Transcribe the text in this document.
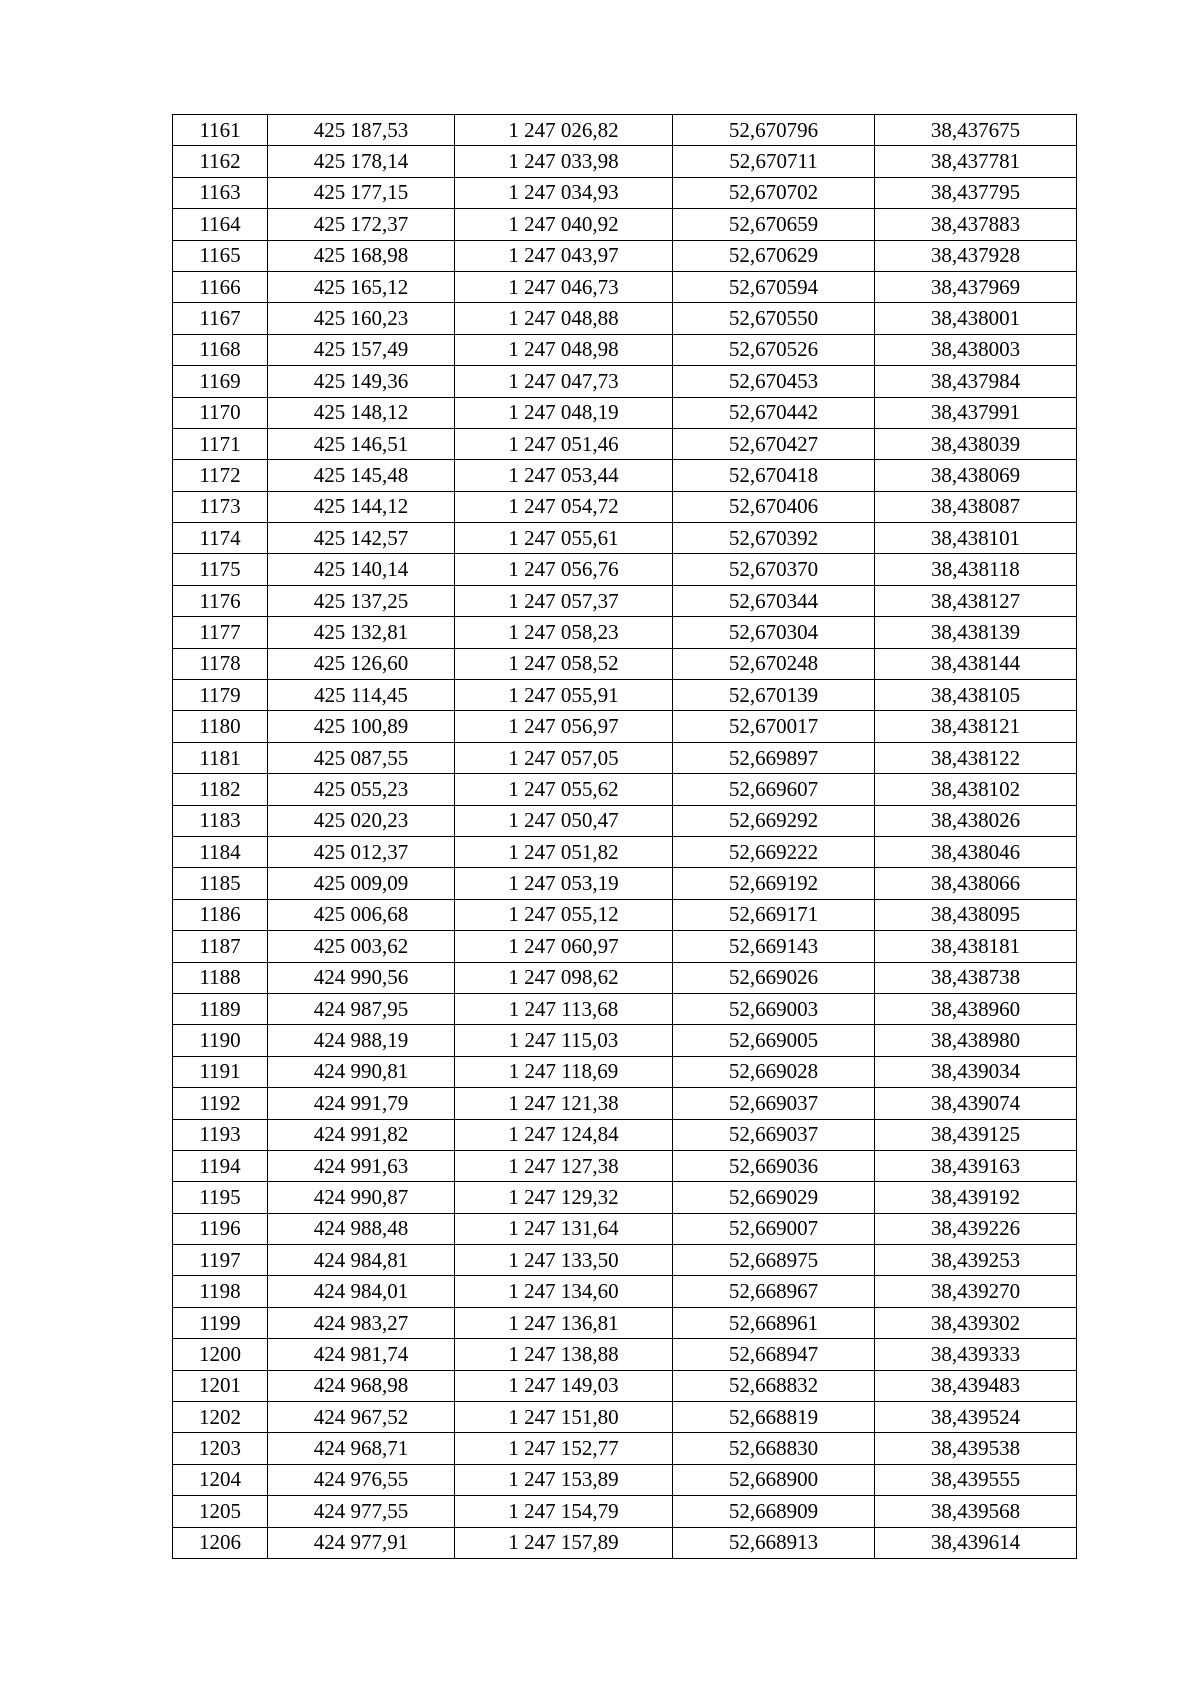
1161	425 187,53	1 247 026,82	52,670796	38,437675
1162	425 178,14	1 247 033,98	52,670711	38,437781
1163	425 177,15	1 247 034,93	52,670702	38,437795
1164	425 172,37	1 247 040,92	52,670659	38,437883
1165	425 168,98	1 247 043,97	52,670629	38,437928
1166	425 165,12	1 247 046,73	52,670594	38,437969
1167	425 160,23	1 247 048,88	52,670550	38,438001
1168	425 157,49	1 247 048,98	52,670526	38,438003
1169	425 149,36	1 247 047,73	52,670453	38,437984
1170	425 148,12	1 247 048,19	52,670442	38,437991
1171	425 146,51	1 247 051,46	52,670427	38,438039
1172	425 145,48	1 247 053,44	52,670418	38,438069
1173	425 144,12	1 247 054,72	52,670406	38,438087
1174	425 142,57	1 247 055,61	52,670392	38,438101
1175	425 140,14	1 247 056,76	52,670370	38,438118
1176	425 137,25	1 247 057,37	52,670344	38,438127
1177	425 132,81	1 247 058,23	52,670304	38,438139
1178	425 126,60	1 247 058,52	52,670248	38,438144
1179	425 114,45	1 247 055,91	52,670139	38,438105
1180	425 100,89	1 247 056,97	52,670017	38,438121
1181	425 087,55	1 247 057,05	52,669897	38,438122
1182	425 055,23	1 247 055,62	52,669607	38,438102
1183	425 020,23	1 247 050,47	52,669292	38,438026
1184	425 012,37	1 247 051,82	52,669222	38,438046
1185	425 009,09	1 247 053,19	52,669192	38,438066
1186	425 006,68	1 247 055,12	52,669171	38,438095
1187	425 003,62	1 247 060,97	52,669143	38,438181
1188	424 990,56	1 247 098,62	52,669026	38,438738
1189	424 987,95	1 247 113,68	52,669003	38,438960
1190	424 988,19	1 247 115,03	52,669005	38,438980
1191	424 990,81	1 247 118,69	52,669028	38,439034
1192	424 991,79	1 247 121,38	52,669037	38,439074
1193	424 991,82	1 247 124,84	52,669037	38,439125
1194	424 991,63	1 247 127,38	52,669036	38,439163
1195	424 990,87	1 247 129,32	52,669029	38,439192
1196	424 988,48	1 247 131,64	52,669007	38,439226
1197	424 984,81	1 247 133,50	52,668975	38,439253
1198	424 984,01	1 247 134,60	52,668967	38,439270
1199	424 983,27	1 247 136,81	52,668961	38,439302
1200	424 981,74	1 247 138,88	52,668947	38,439333
1201	424 968,98	1 247 149,03	52,668832	38,439483
1202	424 967,52	1 247 151,80	52,668819	38,439524
1203	424 968,71	1 247 152,77	52,668830	38,439538
1204	424 976,55	1 247 153,89	52,668900	38,439555
1205	424 977,55	1 247 154,79	52,668909	38,439568
1206	424 977,91	1 247 157,89	52,668913	38,439614
